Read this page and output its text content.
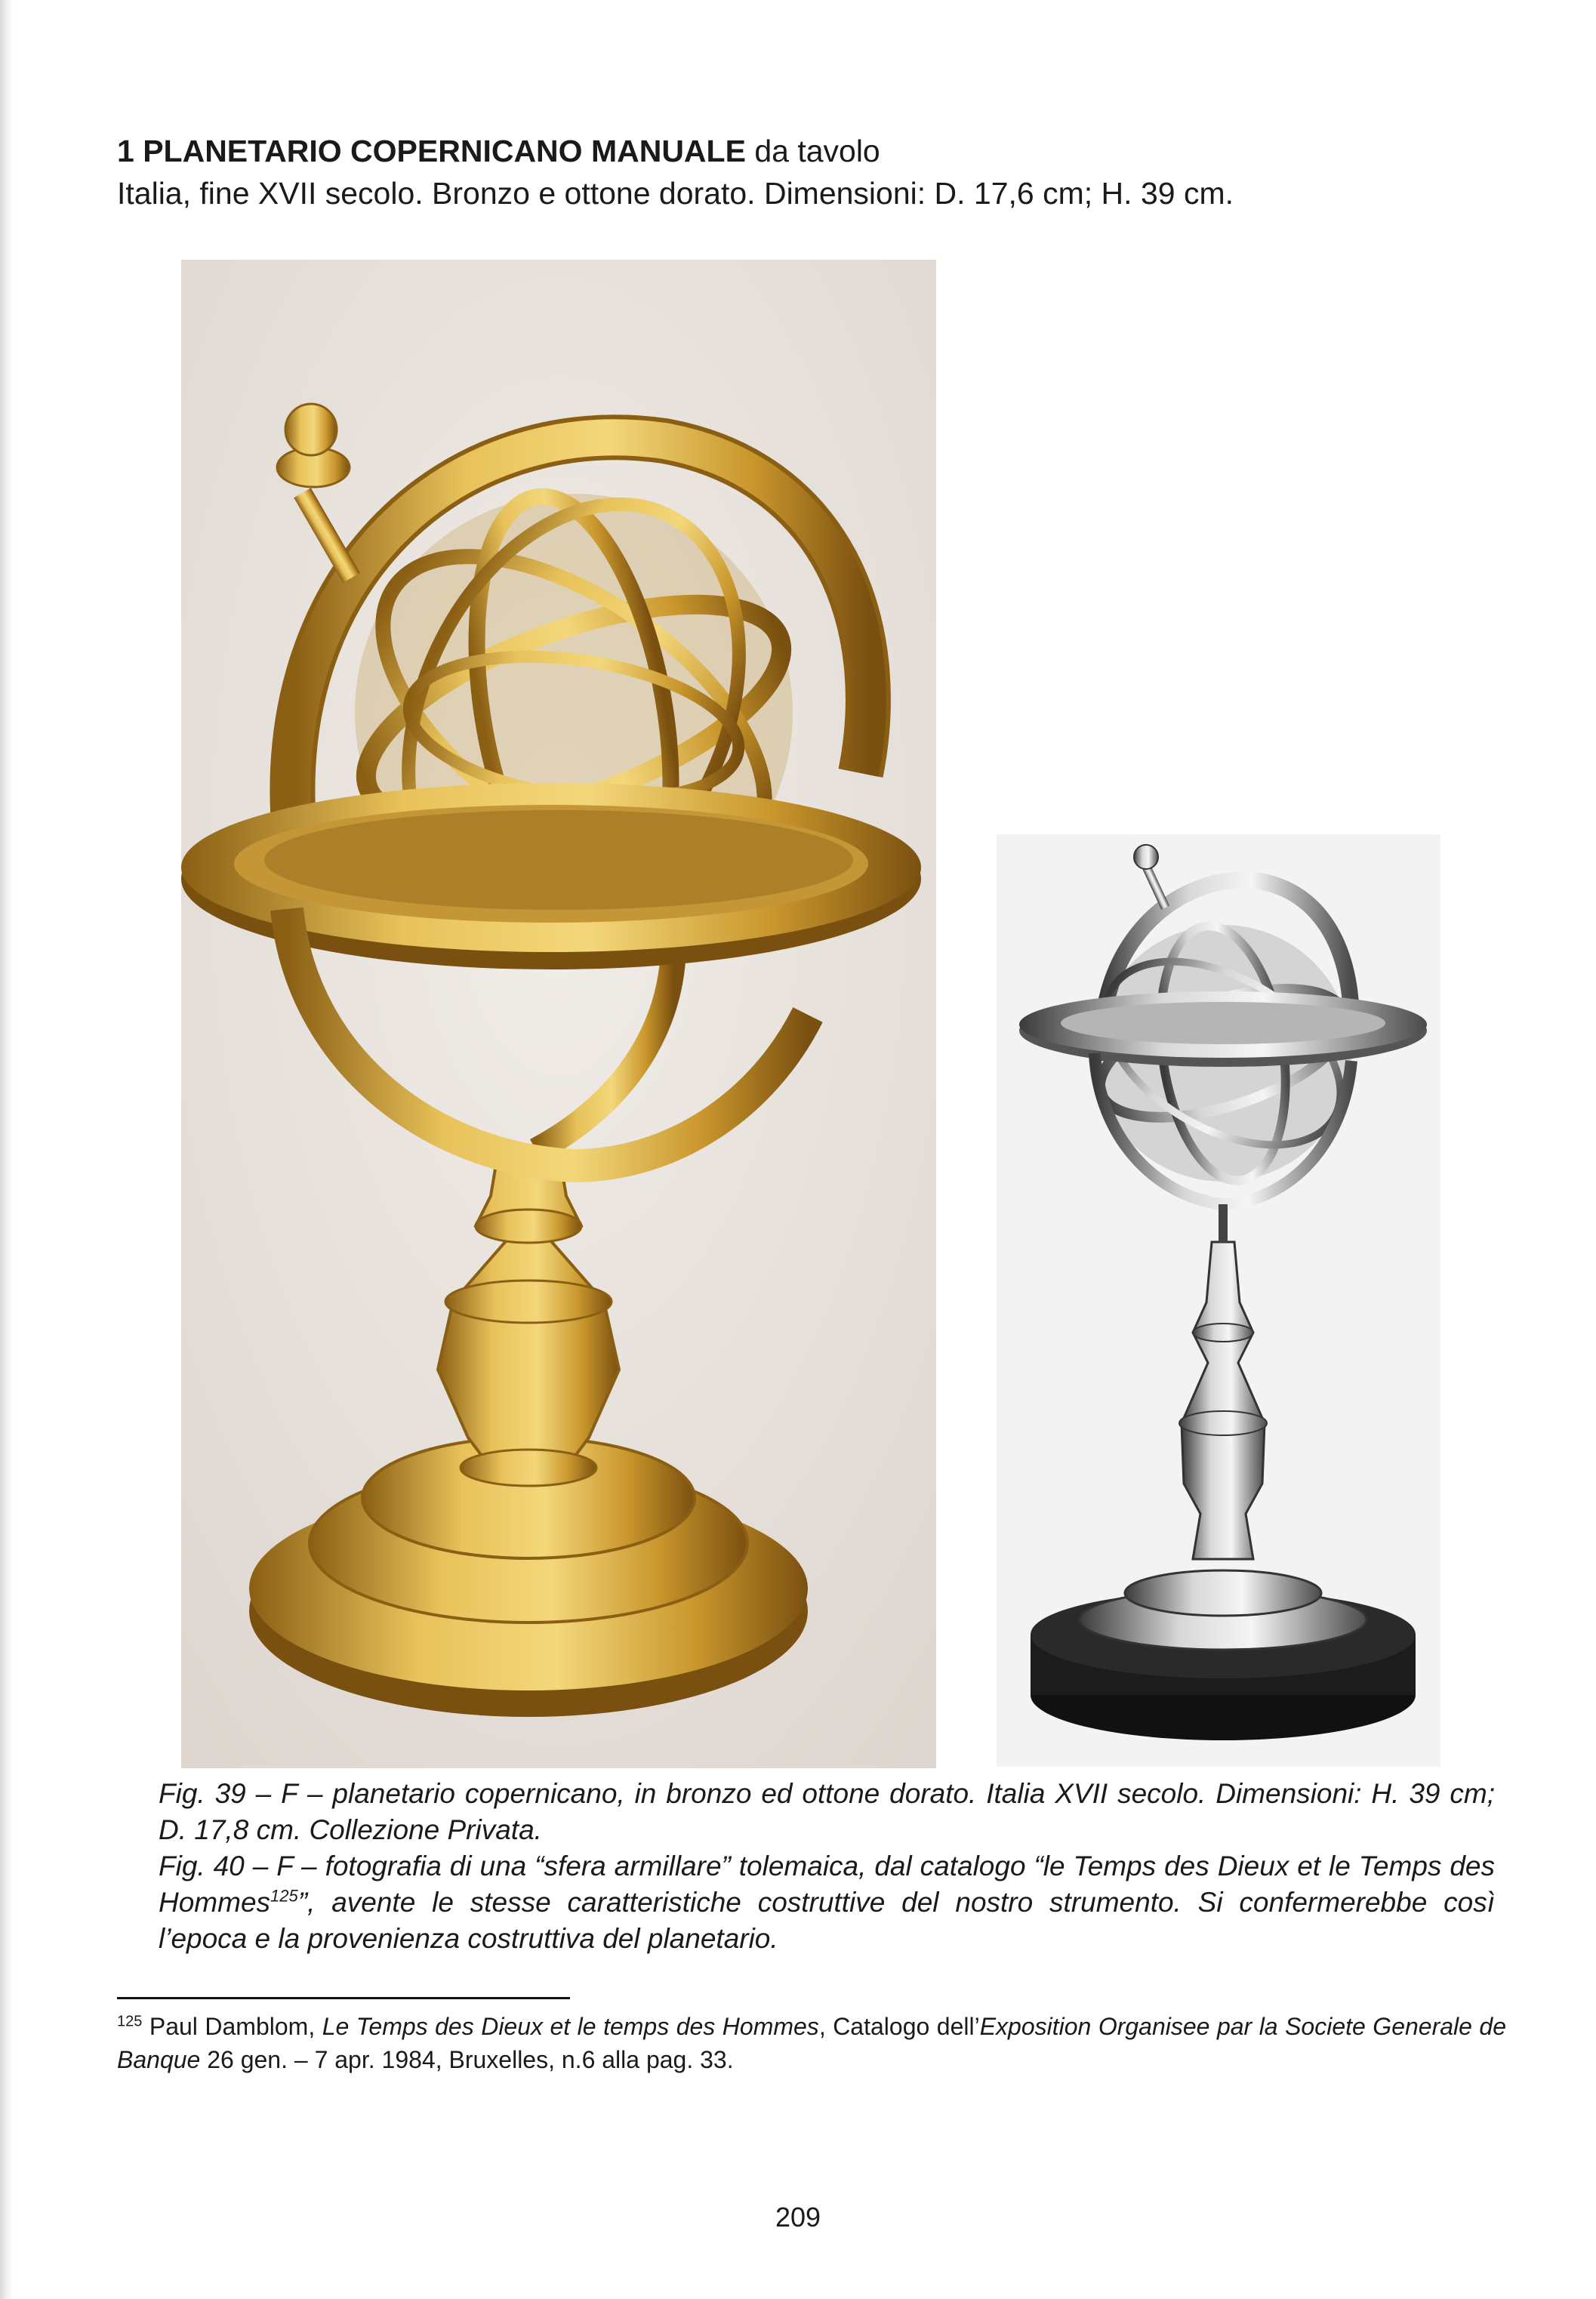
1 PLANETARIO COPERNICANO MANUALE da tavolo
Italia, fine XVII secolo. Bronzo e ottone dorato. Dimensioni: D. 17,6 cm; H. 39 cm.

Fig. 39 – F – planetario copernicano, in bronzo ed ottone dorato. Italia XVII secolo. Dimensioni: H. 39 cm; D. 17,8 cm. Collezione Privata.

Fig. 40 – F – fotografia di una “sfera armillare” tolemaica, dal catalogo “le Temps des Dieux et le Temps des Hommes$^{125}$”, avente le stesse caratteristiche costruttive del nostro strumento. Si confermerebbe così l’epoca e la provenienza costruttiva del planetario.

$^{125}$ Paul Damblom, Le Temps des Dieux et le temps des Hommes, Catalogo dell’Exposition Organisee par la Societe Generale de Banque 26 gen. – 7 apr. 1984, Bruxelles, n.6 alla pag. 33.
209
